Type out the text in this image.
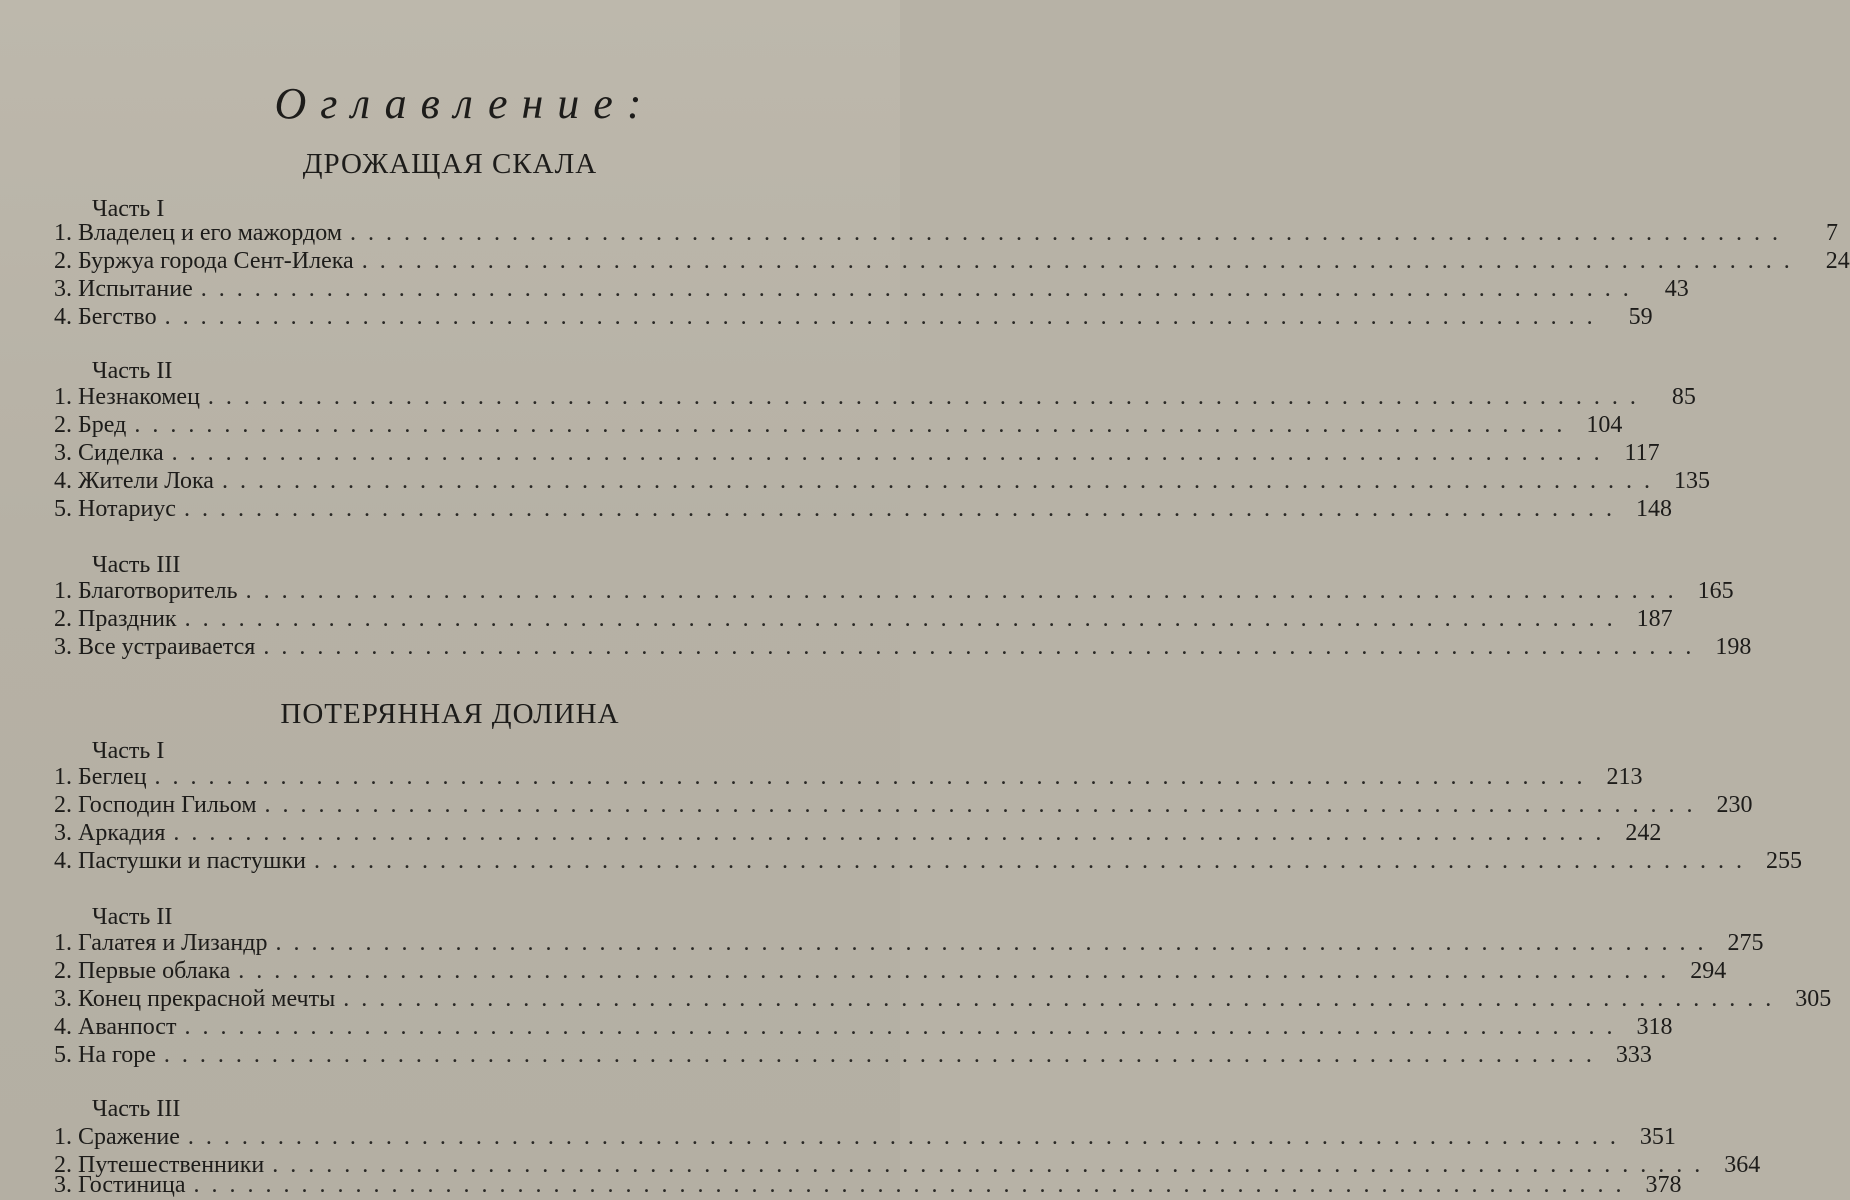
Оглавление:
ДРОЖАЩАЯ СКАЛА
Часть I
1. Владелец и его мажордом ................................................................................	7
2. Буржуа города Сент-Илека ................................................................................	24
3. Испытание ................................................................................	43
4. Бегство ................................................................................	59
Часть II
1. Незнакомец ................................................................................	85
2. Бред ................................................................................ 104
3. Сиделка ................................................................................ 117
4. Жители Лока ................................................................................ 135
5. Нотариус ................................................................................ 148
Часть III
1. Благотворитель ................................................................................ 165
2. Праздник ................................................................................ 187
3. Все устраивается ................................................................................ 198
ПОТЕРЯННАЯ ДОЛИНА
Часть I
1. Беглец ................................................................................ 213
2. Господин Гильом ................................................................................ 230
3. Аркадия ................................................................................ 242
4. Пастушки и пастушки ................................................................................ 255
Часть II
1. Галатея и Лизандр ................................................................................ 275
2. Первые облака ................................................................................ 294
3. Конец прекрасной мечты ................................................................................ 305
4. Аванпост ................................................................................ 318
5. На горе ................................................................................ 333
Часть III
1. Сражение ................................................................................ 351
2. Путешественники ................................................................................ 364
3. Гостиница ................................................................................ 378
